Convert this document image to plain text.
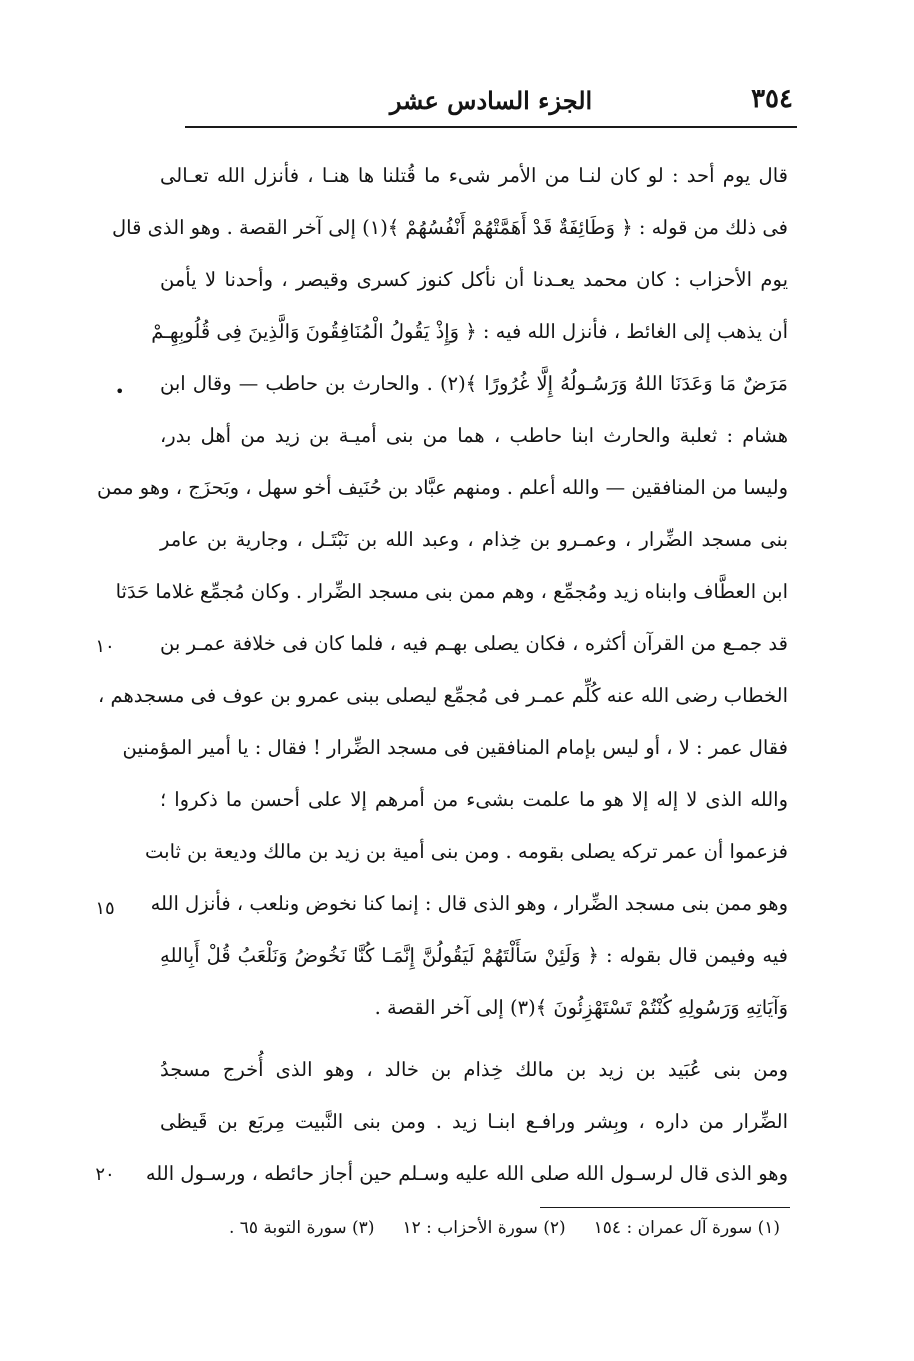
الجزء السادس عشر	٣٥٤
•
١٠
١٥
٢٠
قال يوم أحد : لو كان لنـا من الأمر شىء ما قُتلنا ها هنـا ، فأنزل الله تعـالى
فى ذلك من قوله : ﴿ وَطَائِفَةٌ قَدْ أَهَمَّتْهُمْ أَنْفُسُهُمْ ﴾(١) إلى آخر القصة . وهو الذى قال
يوم الأحزاب : كان محمد يعـدنا أن نأكل كنوز كسرى وقيصر ، وأحدنا لا يأمن
أن يذهب إلى الغائط ، فأنزل الله فيه : ﴿ وَإِذْ يَقُولُ الْمُنَافِقُونَ وَالَّذِينَ فِى قُلُوبِهِـمْ
مَرَضٌ مَا وَعَدَنَا اللهُ وَرَسُـولُهُ إِلَّا غُرُورًا ﴾(٢) . والحارث بن حاطب — وقال ابن
هشام : ثعلبة والحارث ابنا حاطب ، هما من بنى أميـة بن زيد من أهل بدر،
وليسا من المنافقين — والله أعلم . ومنهم عبَّاد بن حُنَيف أخو سهل ، وبَحزَج ، وهو ممن
بنى مسجد الضِّرار ، وعمـرو بن خِذام ، وعبد الله بن نَبْتَـل ، وجارية بن عامر
ابن العطَّاف وابناه زيد ومُجمِّع ، وهم ممن بنى مسجد الضِّرار . وكان مُجمِّع غلاما حَدَثا
قد جمـع من القرآن أكثره ، فكان يصلى بهـم فيه ، فلما كان فى خلافة عمـر بن
الخطاب رضى الله عنه كُلِّم عمـر فى مُجمِّع ليصلى ببنى عمرو بن عوف فى مسجدهم ،
فقال عمر : لا ، أو ليس بإمام المنافقين فى مسجد الضِّرار ! فقال : يا أمير المؤمنين
والله الذى لا إله إلا هو ما علمت بشىء من أمرهم إلا على أحسن ما ذكروا ؛
فزعموا أن عمر تركه يصلى بقومه . ومن بنى أمية بن زيد بن مالك وديعة بن ثابت
وهو ممن بنى مسجد الضِّرار ، وهو الذى قال : إنما كنا نخوض ونلعب ، فأنزل الله
فيه وفيمن قال بقوله : ﴿ وَلَئِنْ سَأَلْتَهُمْ لَيَقُولُنَّ إِنَّمَـا كُنَّا نَخُوضُ وَنَلْعَبُ قُلْ أَبِاللهِ
وَآيَاتِهِ وَرَسُولِهِ كُنْتُمْ تَسْتَهْزِئُونَ ﴾(٣) إلى آخر القصة .
ومن بنى عُبَيد بن زيد بن مالك خِذام بن خالد ، وهو الذى أُخرج مسجدُ
الضِّرار من داره ، وبِشر ورافـع ابنـا زيد . ومن بنى النَّبيت مِربَع بن قَيظى
وهو الذى قال لرسـول الله صلى الله عليه وسـلم حين أجاز حائطه ، ورسـول الله
(١) سورة آل عمران : ١٥٤
(٢) سورة الأحزاب : ١٢
(٣) سورة التوبة ٦٥ .
